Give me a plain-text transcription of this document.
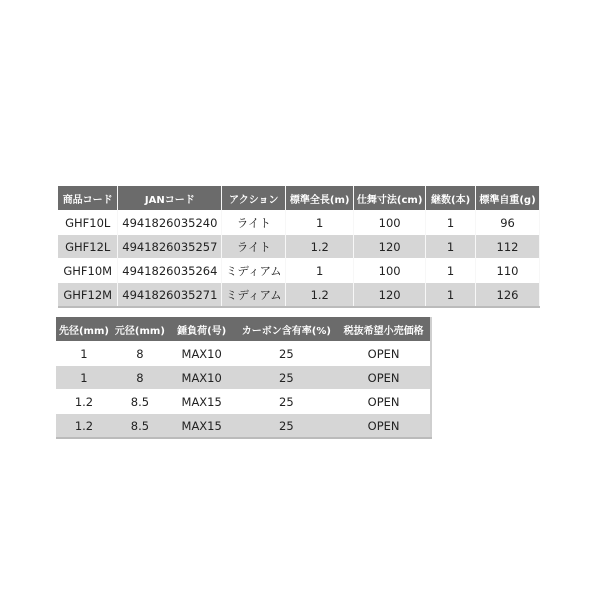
商品コード	JANコード	アクション	標準全長(m)	仕舞寸法(cm)	継数(本)	標準自重(g)
GHF10L	4941826035240	ライト	1	100	1	96
GHF12L	4941826035257	ライト	1.2	120	1	112
GHF10M	4941826035264	ミディアム	1	100	1	110
GHF12M	4941826035271	ミディアム	1.2	120	1	126
先径(mm)	元径(mm)	錘負荷(号)	カーボン含有率(%)	税抜希望小売価格
1	8	MAX10	25	OPEN
1	8	MAX10	25	OPEN
1.2	8.5	MAX15	25	OPEN
1.2	8.5	MAX15	25	OPEN
